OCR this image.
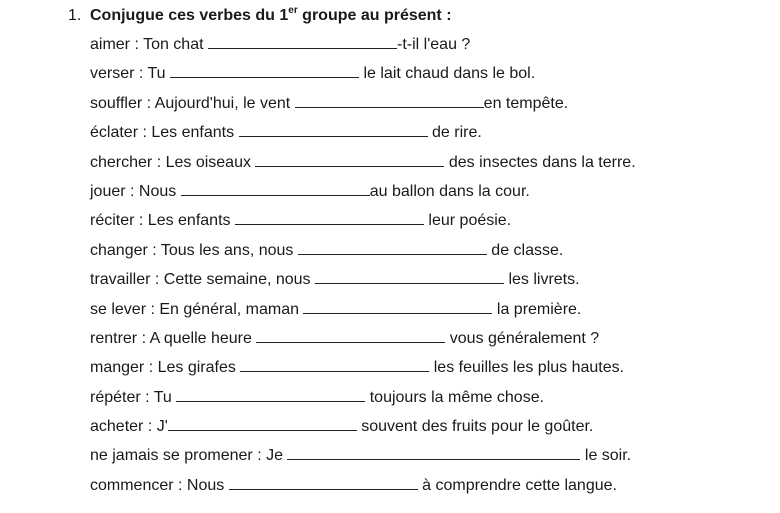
1. Conjugue ces verbes du 1er groupe au présent :
aimer : Ton chat	-t-il l'eau ?
verser : Tu	le lait chaud dans le bol.
souffler : Aujourd'hui, le vent	en tempête.
éclater : Les enfants	de rire.
chercher : Les oiseaux	des insectes dans la terre.
jouer : Nous	au ballon dans la cour.
réciter : Les enfants	leur poésie.
changer : Tous les ans, nous	de classe.
travailler : Cette semaine, nous	les livrets.
se lever : En général, maman	la première.
rentrer : A quelle heure	vous généralement ?
manger : Les girafes	les feuilles les plus hautes.
répéter : Tu	toujours la même chose.
acheter : J'	souvent des fruits pour le goûter.
ne jamais se promener : Je	le soir.
commencer : Nous	à comprendre cette langue.
